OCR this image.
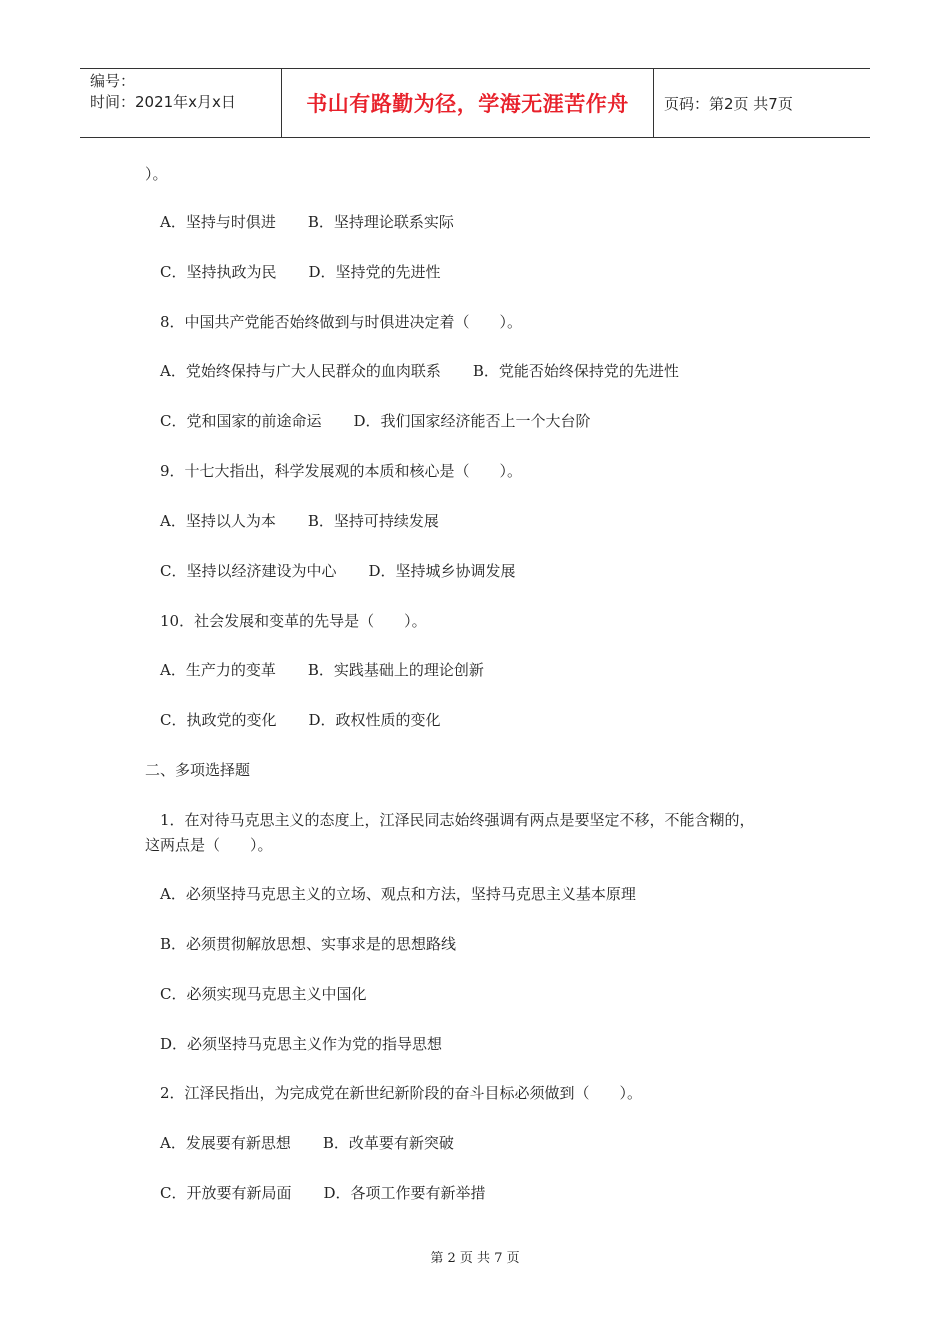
编号：
时间：2021年x月x日	书山有路勤为径，学海无涯苦作舟 页码：第2页 共7页
）。
A．坚持与时俱进 B．坚持理论联系实际
C．坚持执政为民 D．坚持党的先进性
8．中国共产党能否始终做到与时俱进决定着（　　）。
A．党始终保持与广大人民群众的血肉联系 B．党能否始终保持党的先进性
C．党和国家的前途命运 D．我们国家经济能否上一个大台阶
9．十七大指出，科学发展观的本质和核心是（　　）。
A．坚持以人为本 B．坚持可持续发展
C．坚持以经济建设为中心 D．坚持城乡协调发展
10．社会发展和变革的先导是（　　）。
A．生产力的变革 B．实践基础上的理论创新
C．执政党的变化 D．政权性质的变化
二、多项选择题
1．在对待马克思主义的态度上，江泽民同志始终强调有两点是要坚定不移，不能含糊的，
这两点是（　　）。
A．必须坚持马克思主义的立场、观点和方法，坚持马克思主义基本原理
B．必须贯彻解放思想、实事求是的思想路线
C．必须实现马克思主义中国化
D．必须坚持马克思主义作为党的指导思想
2．江泽民指出，为完成党在新世纪新阶段的奋斗目标必须做到（　　）。
A．发展要有新思想 B．改革要有新突破
C．开放要有新局面 D．各项工作要有新举措
第 2 页 共 7 页
